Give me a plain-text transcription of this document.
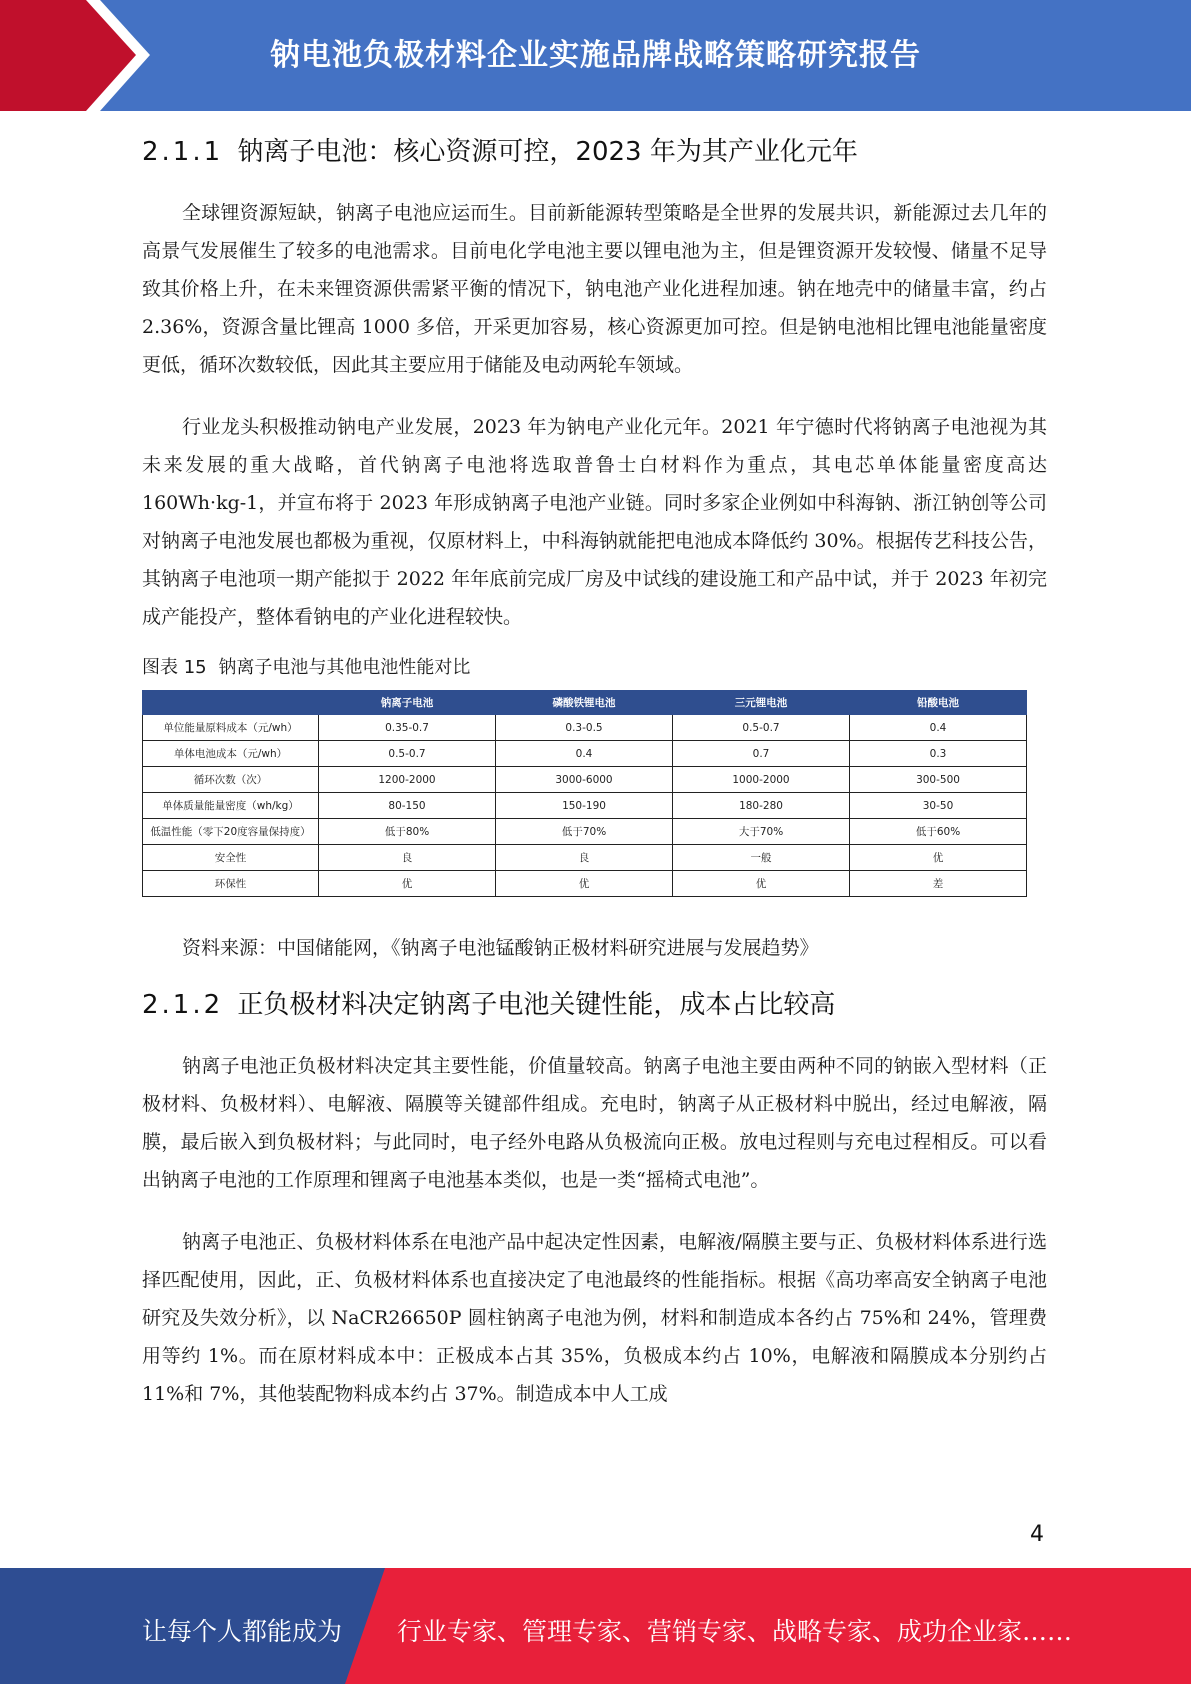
钠电池负极材料企业实施品牌战略策略研究报告
2.1.1 钠离子电池：核心资源可控，2023 年为其产业化元年

全球锂资源短缺，钠离子电池应运而生。目前新能源转型策略是全世界的发展共识，新能源过去几年的高景气发展催生了较多的电池需求。目前电化学电池主要以锂电池为主，但是锂资源开发较慢、储量不足导致其价格上升，在未来锂资源供需紧平衡的情况下，钠电池产业化进程加速。钠在地壳中的储量丰富，约占 2.36%，资源含量比锂高 1000 多倍，开采更加容易，核心资源更加可控。但是钠电池相比锂电池能量密度更低，循环次数较低，因此其主要应用于储能及电动两轮车领域。

行业龙头积极推动钠电产业发展，2023 年为钠电产业化元年。2021 年宁德时代将钠离子电池视为其未来发展的重大战略，首代钠离子电池将选取普鲁士白材料作为重点，其电芯单体能量密度高达 160Wh·kg-1，并宣布将于 2023 年形成钠离子电池产业链。同时多家企业例如中科海钠、浙江钠创等公司对钠离子电池发展也都极为重视，仅原材料上，中科海钠就能把电池成本降低约 30%。根据传艺科技公告，其钠离子电池项一期产能拟于 2022 年年底前完成厂房及中试线的建设施工和产品中试，并于 2023 年初完成产能投产，整体看钠电的产业化进程较快。

图表 15 钠离子电池与其他电池性能对比
	钠离子电池	磷酸铁锂电池	三元锂电池	铅酸电池
单位能量原料成本（元/wh）	0.35-0.7	0.3-0.5	0.5-0.7	0.4
单体电池成本（元/wh）	0.5-0.7	0.4	0.7	0.3
循环次数（次）	1200-2000	3000-6000	1000-2000	300-500
单体质量能量密度（wh/kg）	80-150	150-190	180-280	30-50
低温性能（零下20度容量保持度）	低于80%	低于70%	大于70%	低于60%
安全性	良	良	一般	优
环保性	优	优	优	差

资料来源：中国储能网，《钠离子电池锰酸钠正极材料研究进展与发展趋势》

2.1.2 正负极材料决定钠离子电池关键性能，成本占比较高

钠离子电池正负极材料决定其主要性能，价值量较高。钠离子电池主要由两种不同的钠嵌入型材料（正极材料、负极材料）、电解液、隔膜等关键部件组成。充电时，钠离子从正极材料中脱出，经过电解液，隔膜，最后嵌入到负极材料；与此同时，电子经外电路从负极流向正极。放电过程则与充电过程相反。可以看出钠离子电池的工作原理和锂离子电池基本类似，也是一类“摇椅式电池”。

钠离子电池正、负极材料体系在电池产品中起决定性因素，电解液/隔膜主要与正、负极材料体系进行选择匹配使用，因此，正、负极材料体系也直接决定了电池最终的性能指标。根据《高功率高安全钠离子电池研究及失效分析》，以 NaCR26650P 圆柱钠离子电池为例，材料和制造成本各约占 75%和 24%，管理费用等约 1%。而在原材料成本中：正极成本占其 35%，负极成本约占 10%，电解液和隔膜成本分别约占 11%和 7%，其他装配物料成本约占 37%。制造成本中人工成

4
让每个人都能成为 行业专家、管理专家、营销专家、战略专家、成功企业家……
